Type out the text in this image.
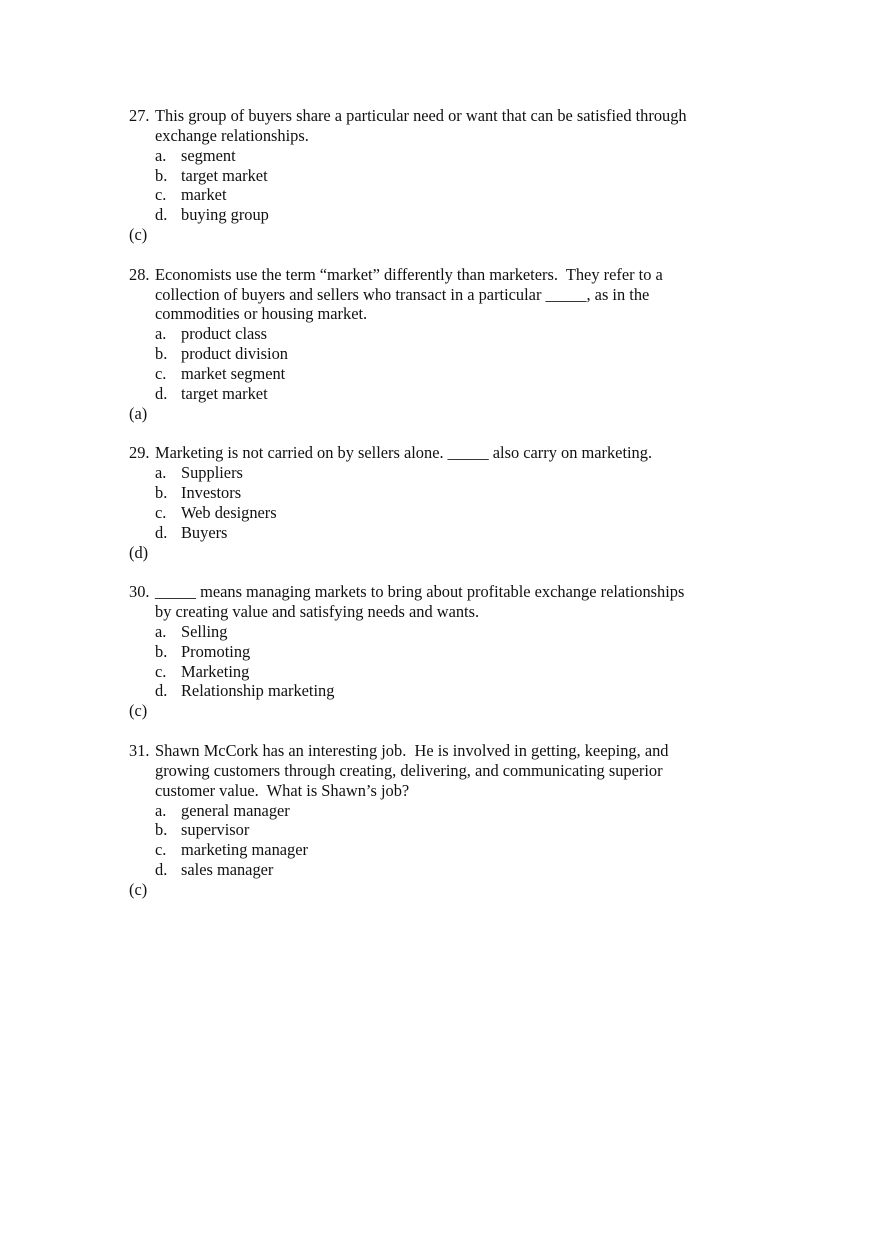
27. This group of buyers share a particular need or want that can be satisfied through
exchange relationships.
a. segment
b. target market
c. market
d. buying group
(c)
28. Economists use the term “market” differently than marketers.  They refer to a
collection of buyers and sellers who transact in a particular _____, as in the
commodities or housing market.
a. product class
b. product division
c. market segment
d. target market
(a)
29. Marketing is not carried on by sellers alone. _____ also carry on marketing.
a. Suppliers
b. Investors
c. Web designers
d. Buyers
(d)
30. _____ means managing markets to bring about profitable exchange relationships
by creating value and satisfying needs and wants.
a. Selling
b. Promoting
c. Marketing
d. Relationship marketing
(c)
31. Shawn McCork has an interesting job.  He is involved in getting, keeping, and
growing customers through creating, delivering, and communicating superior
customer value.  What is Shawn’s job?
a. general manager
b. supervisor
c. marketing manager
d. sales manager
(c)
